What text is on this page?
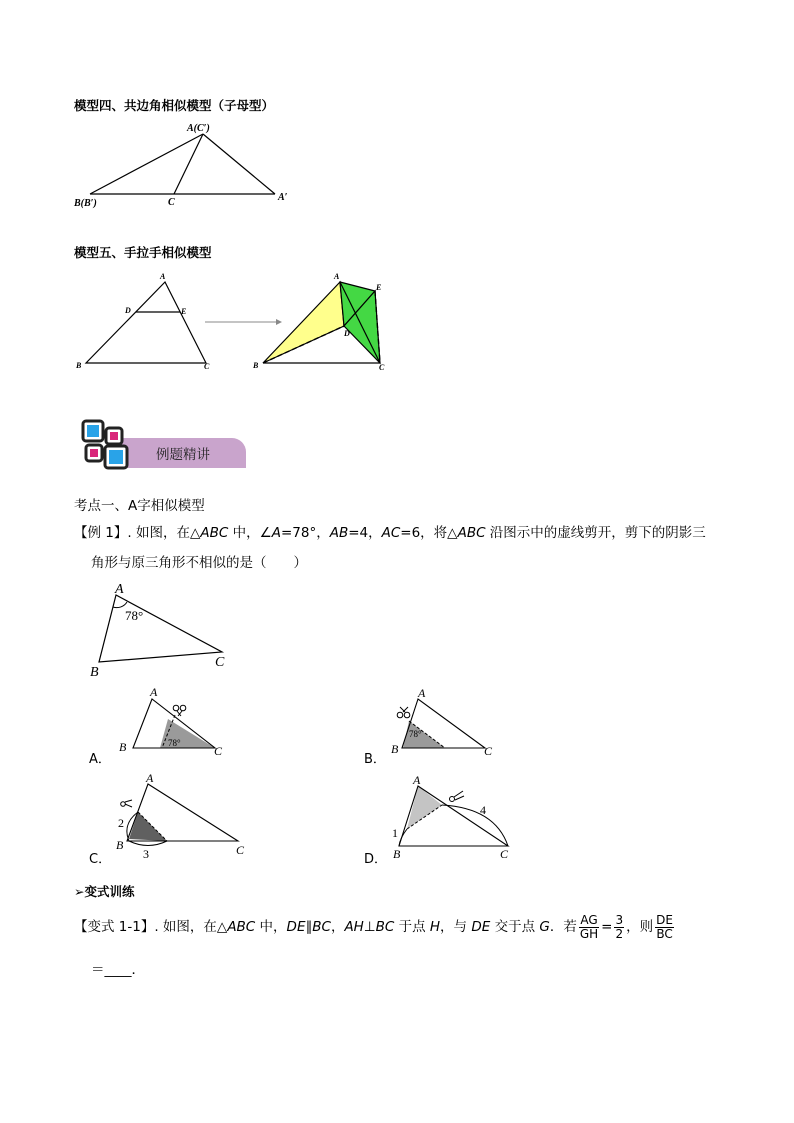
模型四、共边角相似模型（子母型）
A(C′)
B(B′)	C	A′
模型五、手拉手相似模型
A
D	E
B	C
A
E
D
B	C
例题精讲
考点一、A字相似模型
【例 1】. 如图，在△ABC 中，∠A=78°，AB=4，AC=6，将△ABC 沿图示中的虚线剪开，剪下的阴影三
角形与原三角形不相似的是（　　）
A
78°
B
C
A．
A
B	C
78°
B．
A
B	C
78°
C．
A
B	C
2
3	D．
A
B	C
1
4
➢变式训练
【变式 1-1】. 如图，在△ABC 中，DE∥BC，AH⊥BC 于点 H，与 DE 交于点 G．若 $\frac{AG}{GH} = \frac{3}{2}$ ，则 $\frac{DE}{BC}$
＝____．
